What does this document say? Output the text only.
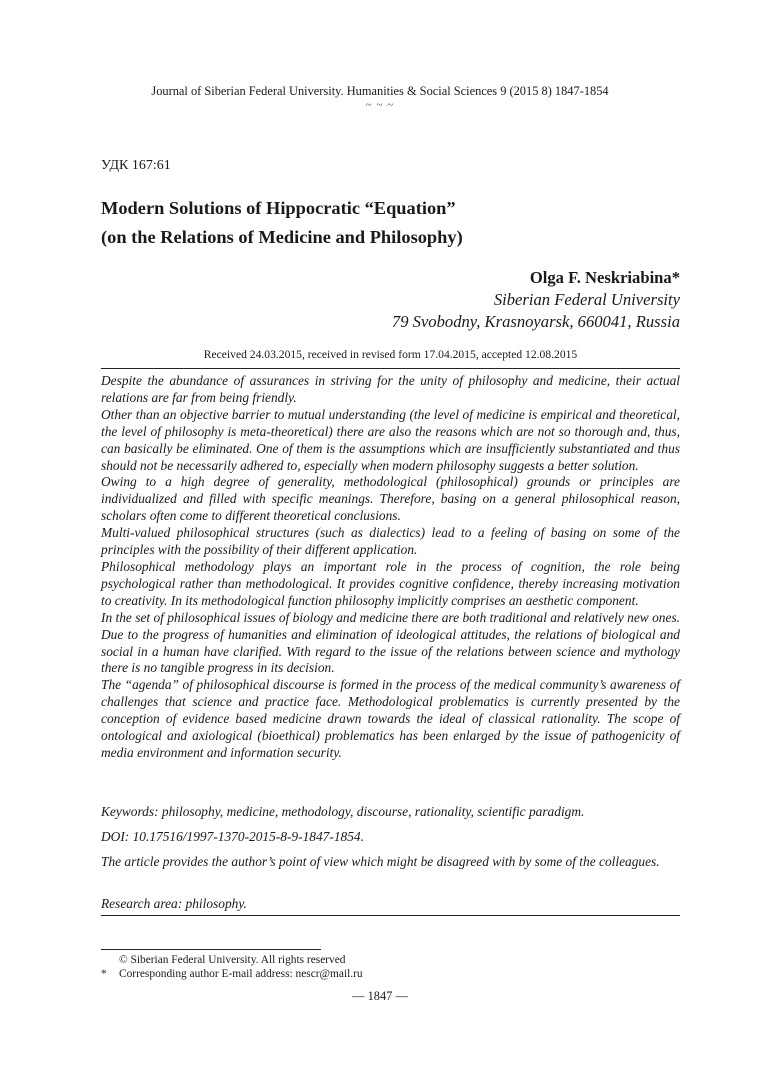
Journal of Siberian Federal University. Humanities & Social Sciences 9 (2015 8) 1847-1854
~ ~ ~
УДК 167:61
Modern Solutions of Hippocratic “Equation”
(on the Relations of Medicine and Philosophy)
Olga F. Neskriabina*
Siberian Federal University
79 Svobodny, Krasnoyarsk, 660041, Russia
Received 24.03.2015, received in revised form 17.04.2015, accepted 12.08.2015

Despite the abundance of assurances in striving for the unity of philosophy and medicine, their actual relations are far from being friendly.

Other than an objective barrier to mutual understanding (the level of medicine is empirical and theoretical, the level of philosophy is meta-theoretical) there are also the reasons which are not so thorough and, thus, can basically be eliminated. One of them is the assumptions which are insufficiently substantiated and thus should not be necessarily adhered to, especially when modern philosophy suggests a better solution.

Owing to a high degree of generality, methodological (philosophical) grounds or principles are individualized and filled with specific meanings. Therefore, basing on a general philosophical reason, scholars often come to different theoretical conclusions.

Multi-valued philosophical structures (such as dialectics) lead to a feeling of basing on some of the principles with the possibility of their different application.

Philosophical methodology plays an important role in the process of cognition, the role being psychological rather than methodological. It provides cognitive confidence, thereby increasing motivation to creativity. In its methodological function philosophy implicitly comprises an aesthetic component.

In the set of philosophical issues of biology and medicine there are both traditional and relatively new ones. Due to the progress of humanities and elimination of ideological attitudes, the relations of biological and social in a human have clarified. With regard to the issue of the relations between science and mythology there is no tangible progress in its decision.

The “agenda” of philosophical discourse is formed in the process of the medical community’s awareness of challenges that science and practice face. Methodological problematics is currently presented by the conception of evidence based medicine drawn towards the ideal of classical rationality. The scope of ontological and axiological (bioethical) problematics has been enlarged by the issue of pathogenicity of media environment and information security.

Keywords: philosophy, medicine, methodology, discourse, rationality, scientific paradigm.

DOI: 10.17516/1997-1370-2015-8-9-1847-1854.

The article provides the author’s point of view which might be disagreed with by some of the colleagues.

Research area: philosophy.

© Siberian Federal University. All rights reserved
* Corresponding author E-mail address: nescr@mail.ru
— 1847 —
